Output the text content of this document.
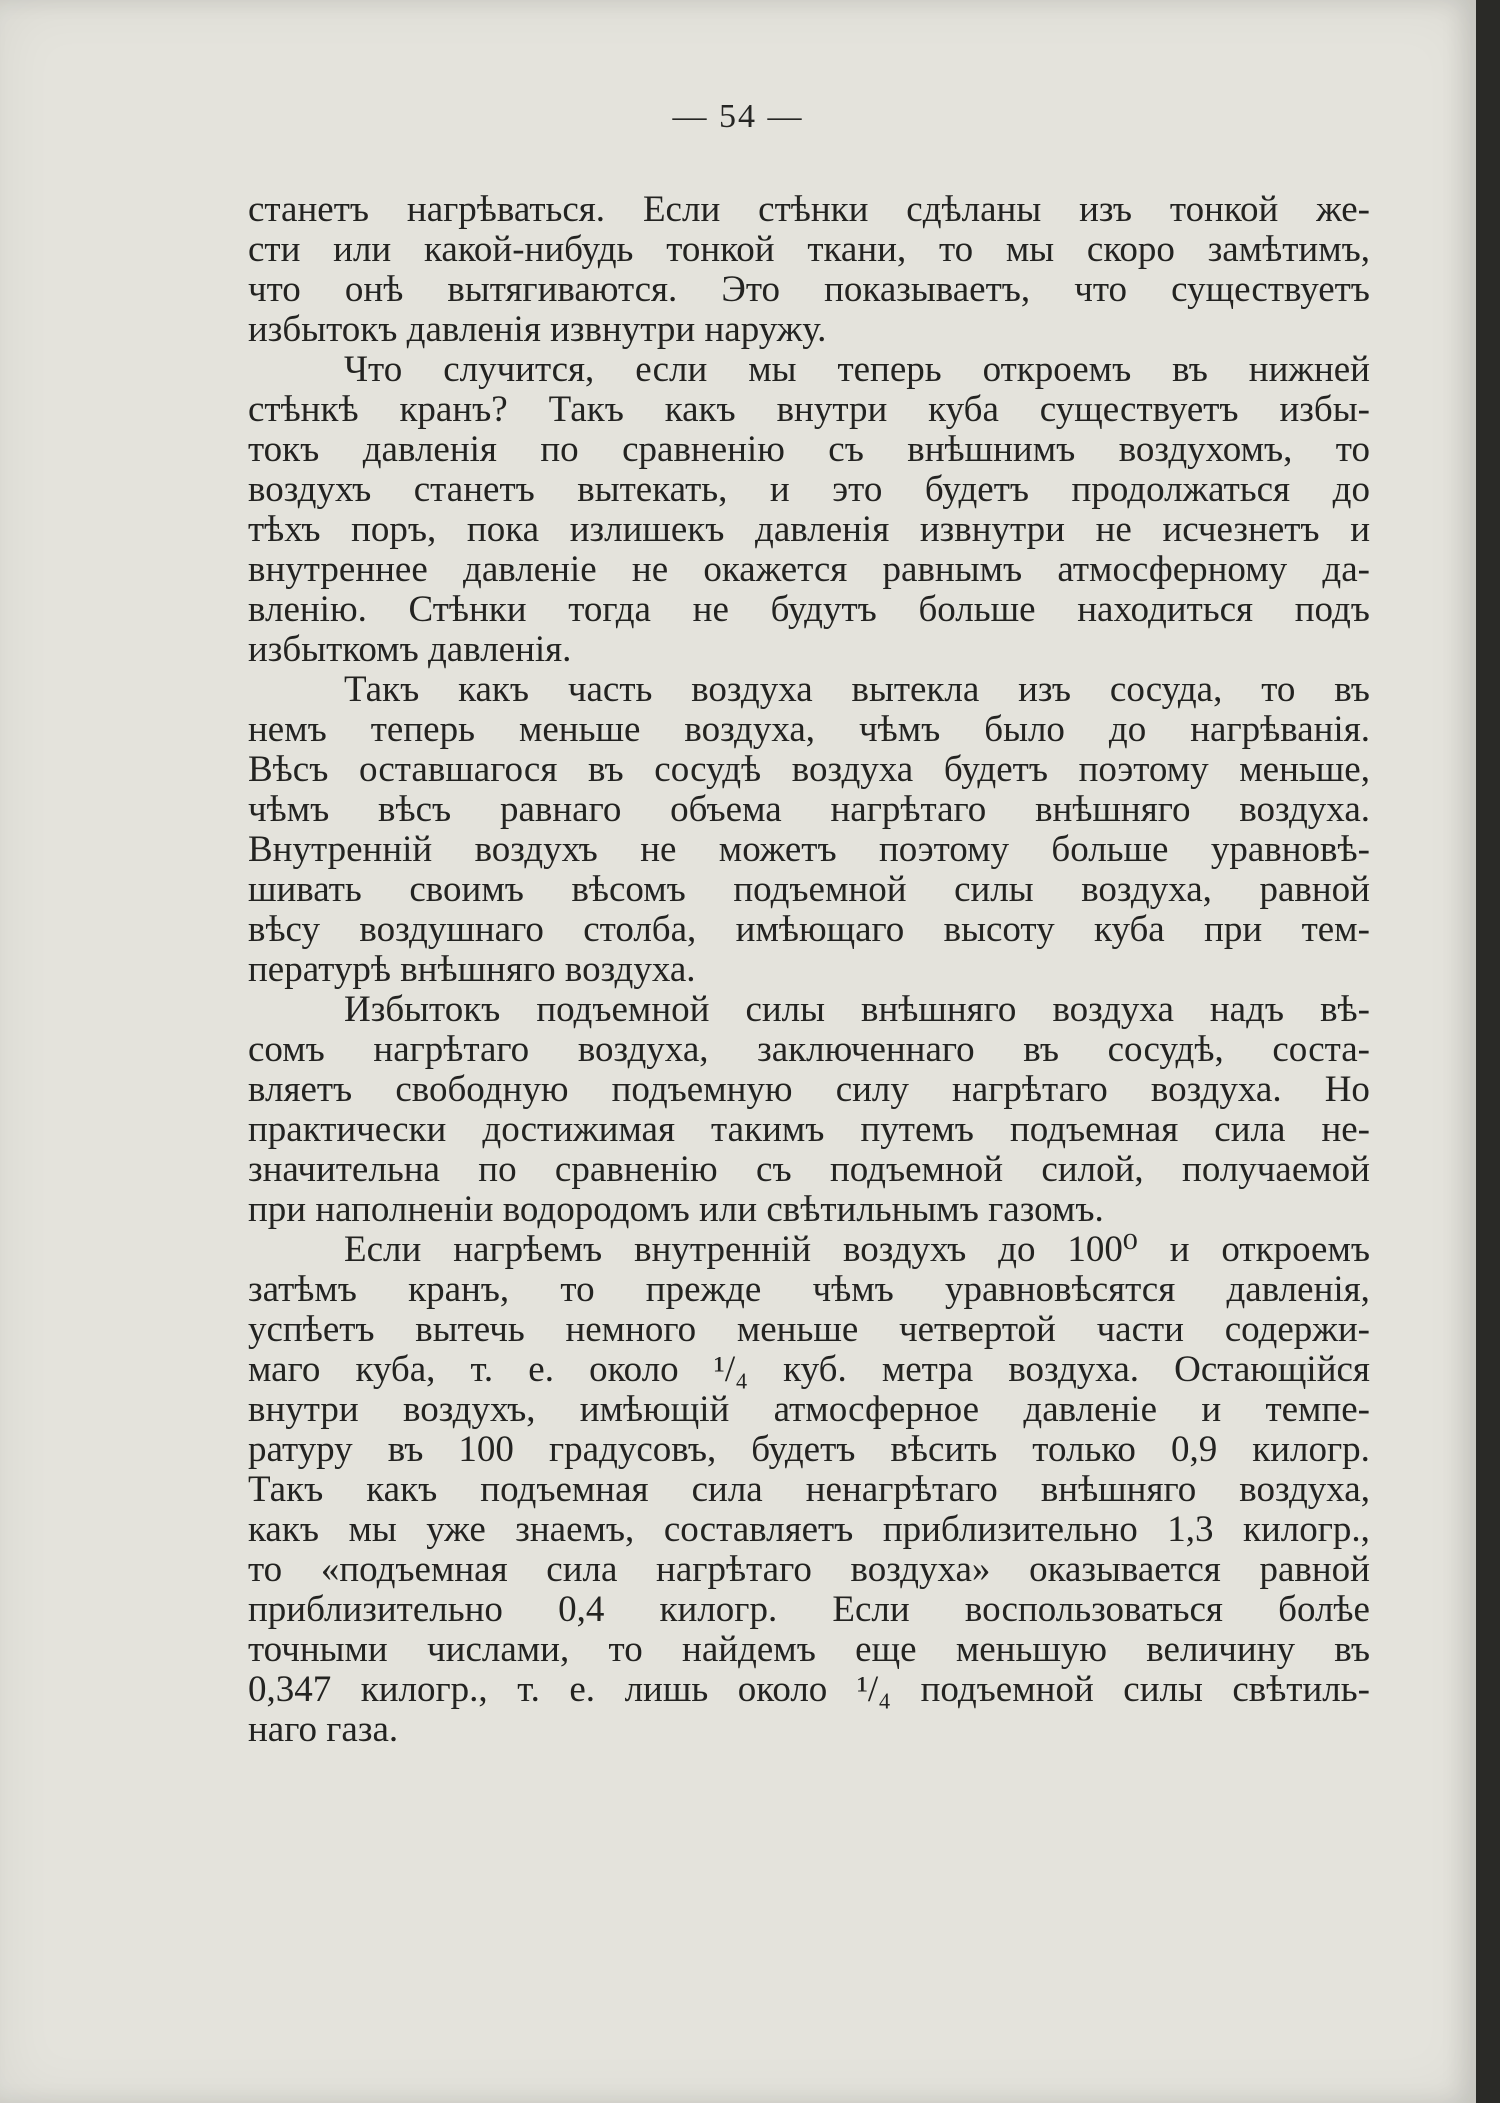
— 54 —
станетъ нагрѣваться. Если стѣнки сдѣланы изъ тонкой же-
сти или какой-нибудь тонкой ткани, то мы скоро замѣтимъ,
что онѣ вытягиваются. Это показываетъ, что существуетъ
избытокъ давленія извнутри наружу.
Что случится, если мы теперь откроемъ въ нижней
стѣнкѣ кранъ? Такъ какъ внутри куба существуетъ избы-
токъ давленія по сравненію съ внѣшнимъ воздухомъ, то
воздухъ станетъ вытекать, и это будетъ продолжаться до
тѣхъ поръ, пока излишекъ давленія извнутри не исчезнетъ и
внутреннее давленіе не окажется равнымъ атмосферному да-
вленію. Стѣнки тогда не будутъ больше находиться подъ
избыткомъ давленія.
Такъ какъ часть воздуха вытекла изъ сосуда, то въ
немъ теперь меньше воздуха, чѣмъ было до нагрѣванія.
Вѣсъ оставшагося въ сосудѣ воздуха будетъ поэтому меньше,
чѣмъ вѣсъ равнаго объема нагрѣтаго внѣшняго воздуха.
Внутренній воздухъ не можетъ поэтому больше уравновѣ-
шивать своимъ вѣсомъ подъемной силы воздуха, равной
вѣсу воздушнаго столба, имѣющаго высоту куба при тем-
пературѣ внѣшняго воздуха.
Избытокъ подъемной силы внѣшняго воздуха надъ вѣ-
сомъ нагрѣтаго воздуха, заключеннаго въ сосудѣ, соста-
вляетъ свободную подъемную силу нагрѣтаго воздуха. Но
практически достижимая такимъ путемъ подъемная сила не-
значительна по сравненію съ подъемной силой, получаемой
при наполненіи водородомъ или свѣтильнымъ газомъ.
Если нагрѣемъ внутренній воздухъ до 100⁰ и откроемъ
затѣмъ кранъ, то прежде чѣмъ уравновѣсятся давленія,
успѣетъ вытечь немного меньше четвертой части содержи-
маго куба, т. е. около ¹/₄ куб. метра воздуха. Остающійся
внутри воздухъ, имѣющій атмосферное давленіе и темпе-
ратуру въ 100 градусовъ, будетъ вѣсить только 0,9 килогр.
Такъ какъ подъемная сила ненагрѣтаго внѣшняго воздуха,
какъ мы уже знаемъ, составляетъ приблизительно 1,3 килогр.,
то «подъемная сила нагрѣтаго воздуха» оказывается равной
приблизительно 0,4 килогр. Если воспользоваться болѣе
точными числами, то найдемъ еще меньшую величину въ
0,347 килогр., т. е. лишь около ¹/₄ подъемной силы свѣтиль-
наго газа.
